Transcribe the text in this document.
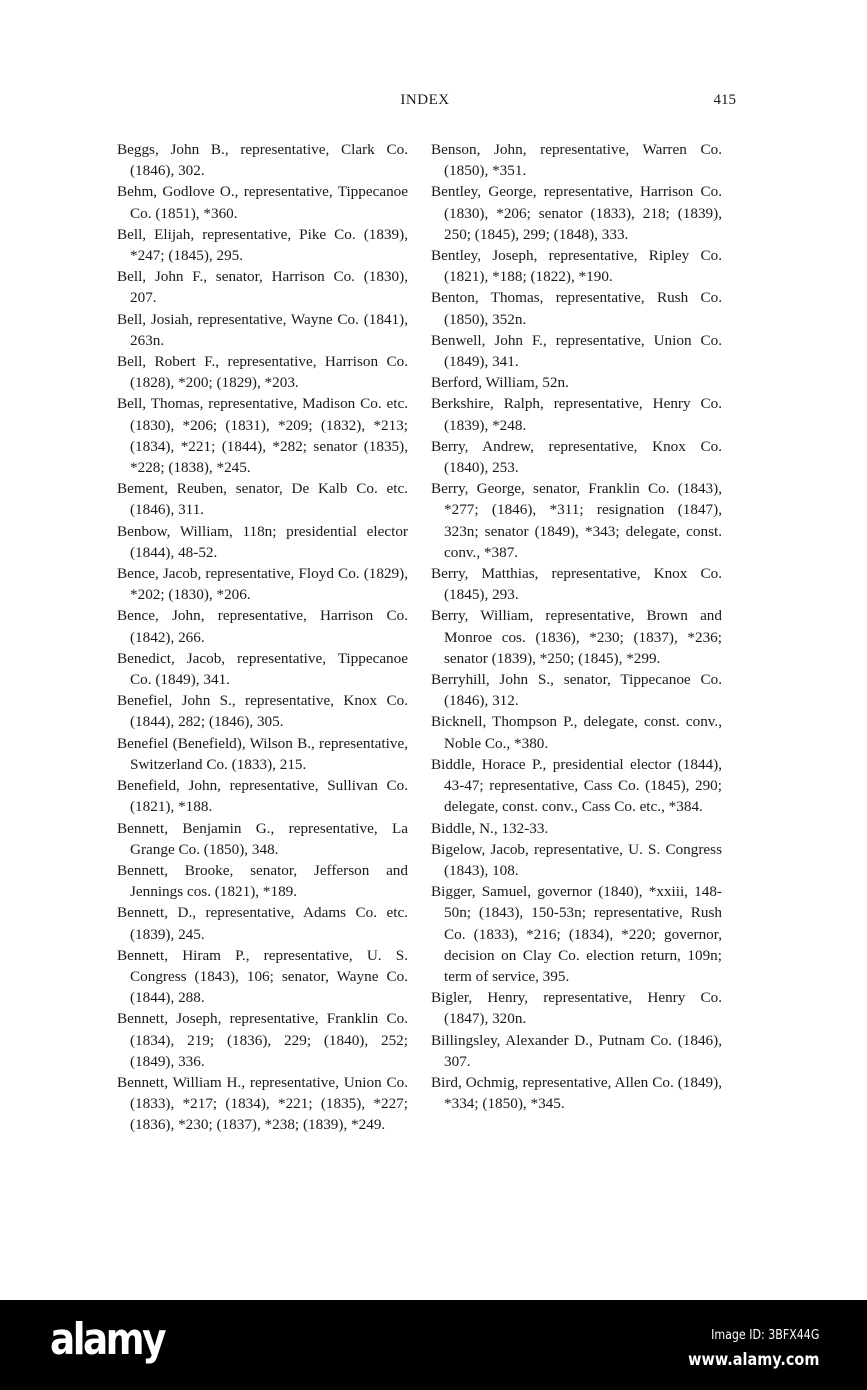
INDEX	415

Beggs, John B., representative, Clark Co. (1846), 302.

Behm, Godlove O., representative, Tippecanoe Co. (1851), *360.

Bell, Elijah, representative, Pike Co. (1839), *247; (1845), 295.

Bell, John F., senator, Harrison Co. (1830), 207.

Bell, Josiah, representative, Wayne Co. (1841), 263n.

Bell, Robert F., representative, Harrison Co. (1828), *200; (1829), *203.

Bell, Thomas, representative, Madison Co. etc. (1830), *206; (1831), *209; (1832), *213; (1834), *221; (1844), *282; senator (1835), *228; (1838), *245.

Bement, Reuben, senator, De Kalb Co. etc. (1846), 311.

Benbow, William, 118n; presidential elector (1844), 48-52.

Bence, Jacob, representative, Floyd Co. (1829), *202; (1830), *206.

Bence, John, representative, Harrison Co. (1842), 266.

Benedict, Jacob, representative, Tippecanoe Co. (1849), 341.

Benefiel, John S., representative, Knox Co. (1844), 282; (1846), 305.

Benefiel (Benefield), Wilson B., representative, Switzerland Co. (1833), 215.

Benefield, John, representative, Sullivan Co. (1821), *188.

Bennett, Benjamin G., representative, La Grange Co. (1850), 348.

Bennett, Brooke, senator, Jefferson and Jennings cos. (1821), *189.

Bennett, D., representative, Adams Co. etc. (1839), 245.

Bennett, Hiram P., representative, U. S. Congress (1843), 106; senator, Wayne Co. (1844), 288.

Bennett, Joseph, representative, Franklin Co. (1834), 219; (1836), 229; (1840), 252; (1849), 336.

Bennett, William H., representative, Union Co. (1833), *217; (1834), *221; (1835), *227; (1836), *230; (1837), *238; (1839), *249.

Benson, John, representative, Warren Co. (1850), *351.

Bentley, George, representative, Harrison Co. (1830), *206; senator (1833), 218; (1839), 250; (1845), 299; (1848), 333.

Bentley, Joseph, representative, Ripley Co. (1821), *188; (1822), *190.

Benton, Thomas, representative, Rush Co. (1850), 352n.

Benwell, John F., representative, Union Co. (1849), 341.

Berford, William, 52n.

Berkshire, Ralph, representative, Henry Co. (1839), *248.

Berry, Andrew, representative, Knox Co. (1840), 253.

Berry, George, senator, Franklin Co. (1843), *277; (1846), *311; resignation (1847), 323n; senator (1849), *343; delegate, const. conv., *387.

Berry, Matthias, representative, Knox Co. (1845), 293.

Berry, William, representative, Brown and Monroe cos. (1836), *230; (1837), *236; senator (1839), *250; (1845), *299.

Berryhill, John S., senator, Tippecanoe Co. (1846), 312.

Bicknell, Thompson P., delegate, const. conv., Noble Co., *380.

Biddle, Horace P., presidential elector (1844), 43-47; representative, Cass Co. (1845), 290; delegate, const. conv., Cass Co. etc., *384.

Biddle, N., 132-33.

Bigelow, Jacob, representative, U. S. Congress (1843), 108.

Bigger, Samuel, governor (1840), *xxiii, 148-50n; (1843), 150-53n; representative, Rush Co. (1833), *216; (1834), *220; governor, decision on Clay Co. election return, 109n; term of service, 395.

Bigler, Henry, representative, Henry Co. (1847), 320n.

Billingsley, Alexander D., Putnam Co. (1846), 307.

Bird, Ochmig, representative, Allen Co. (1849), *334; (1850), *345.

alamy	Image ID: 3BFX44G
www.alamy.com
